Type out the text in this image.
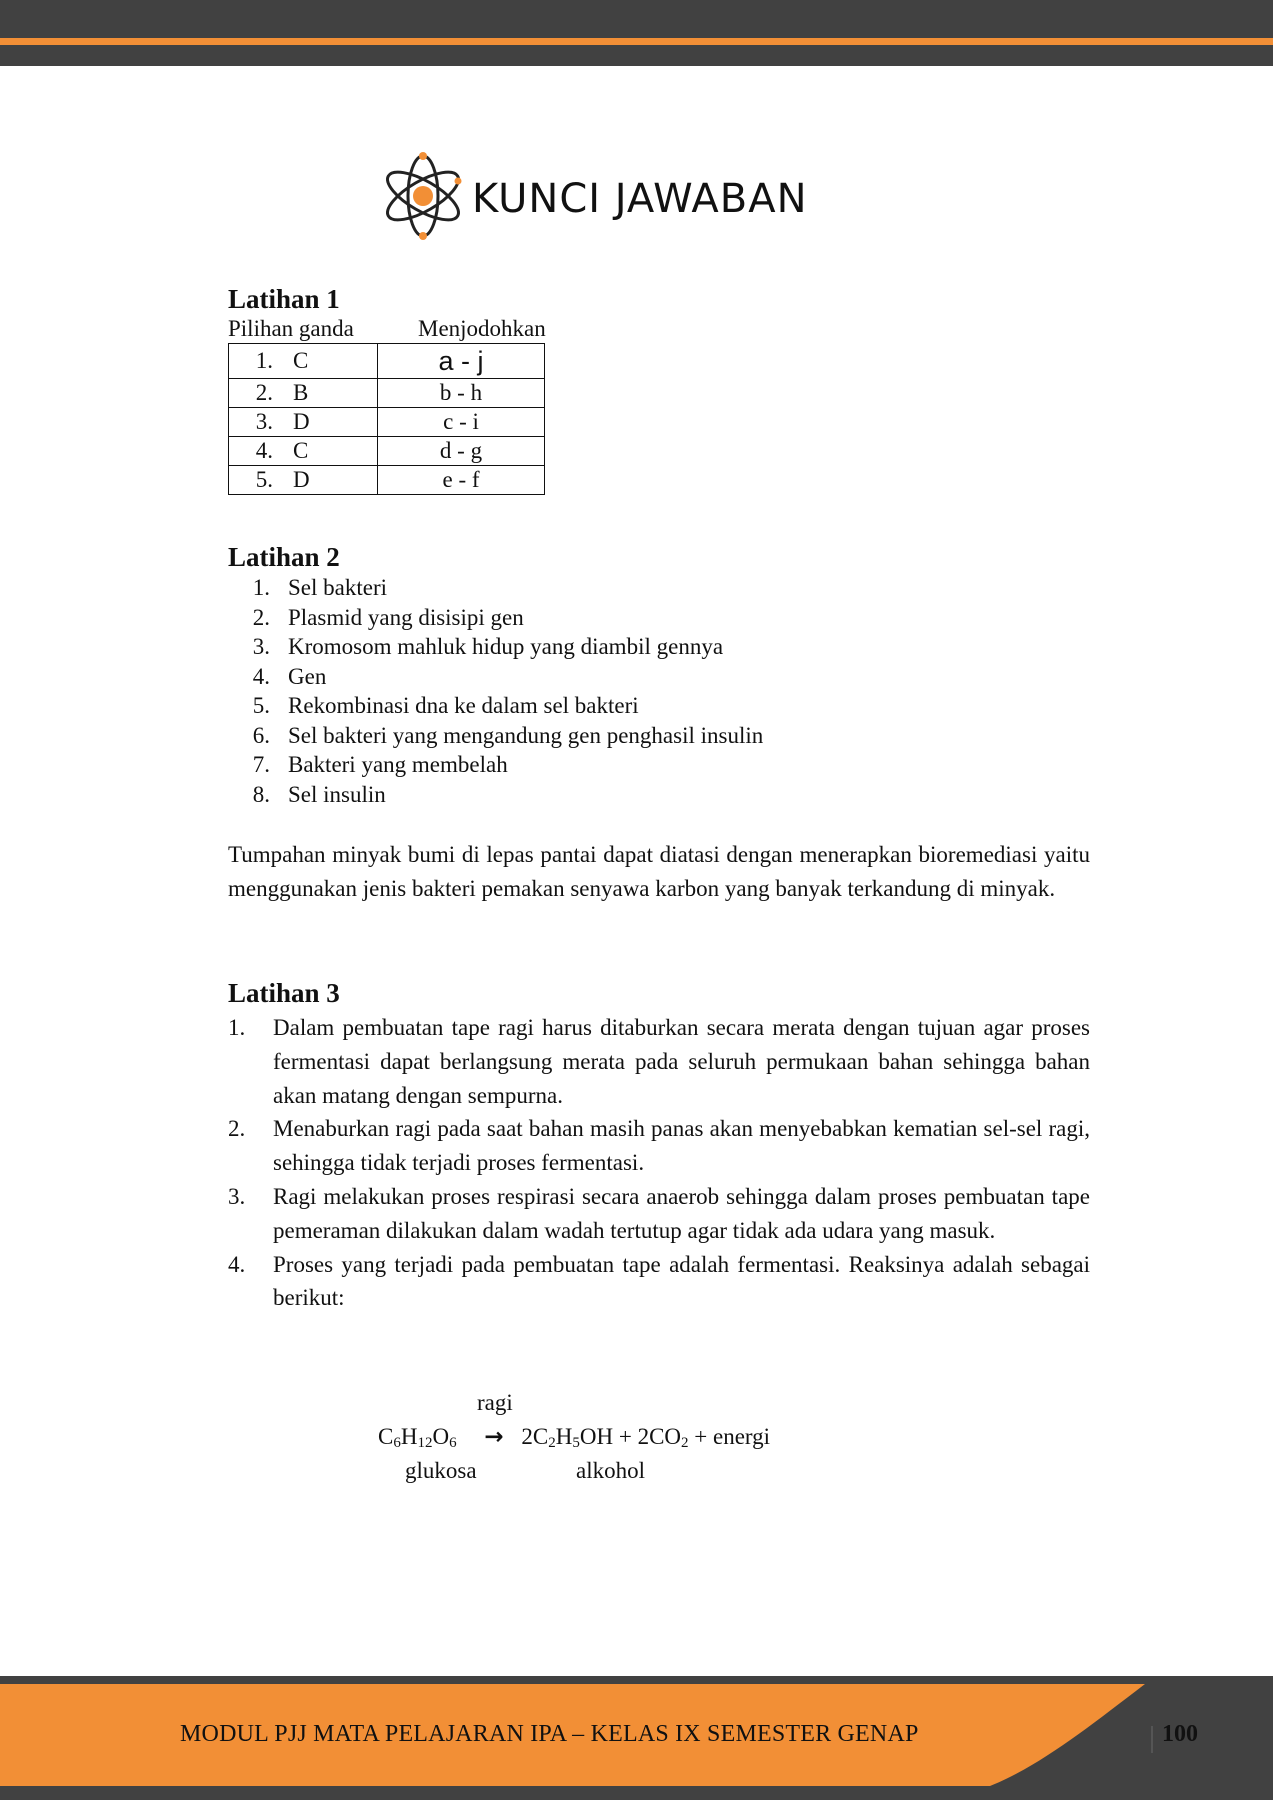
KUNCI JAWABAN
Latihan 1
Pilihan ganda	Menjodohkan
1. C	a - j
2. B	b - h
3. D	c - i
4. C	d - g
5. D	e - f
Latihan 2
1. Sel bakteri
2. Plasmid yang disisipi gen
3. Kromosom mahluk hidup yang diambil gennya
4. Gen
5. Rekombinasi dna ke dalam sel bakteri
6. Sel bakteri yang mengandung gen penghasil insulin
7. Bakteri yang membelah
8. Sel insulin
Tumpahan minyak bumi di lepas pantai dapat diatasi dengan menerapkan bioremediasi yaitu menggunakan jenis bakteri pemakan senyawa karbon yang banyak terkandung di minyak.
Latihan 3
1.	Dalam pembuatan tape ragi harus ditaburkan secara merata dengan tujuan agar proses fermentasi dapat berlangsung merata pada seluruh permukaan bahan sehingga bahan akan matang dengan sempurna.
2.	Menaburkan ragi pada saat bahan masih panas akan menyebabkan kematian sel-sel ragi, sehingga tidak terjadi proses fermentasi.
3.	Ragi melakukan proses respirasi secara anaerob sehingga dalam proses pembuatan tape pemeraman dilakukan dalam wadah tertutup agar tidak ada udara yang masuk.
4.	Proses yang terjadi pada pembuatan tape adalah fermentasi. Reaksinya adalah sebagai berikut:
ragi
$C_6H_{12}O_6 \to 2C_2H_5OH + 2CO_2$ + energi
glukosa	alkohol
MODUL PJJ MATA PELAJARAN IPA – KELAS IX SEMESTER GENAP	100
